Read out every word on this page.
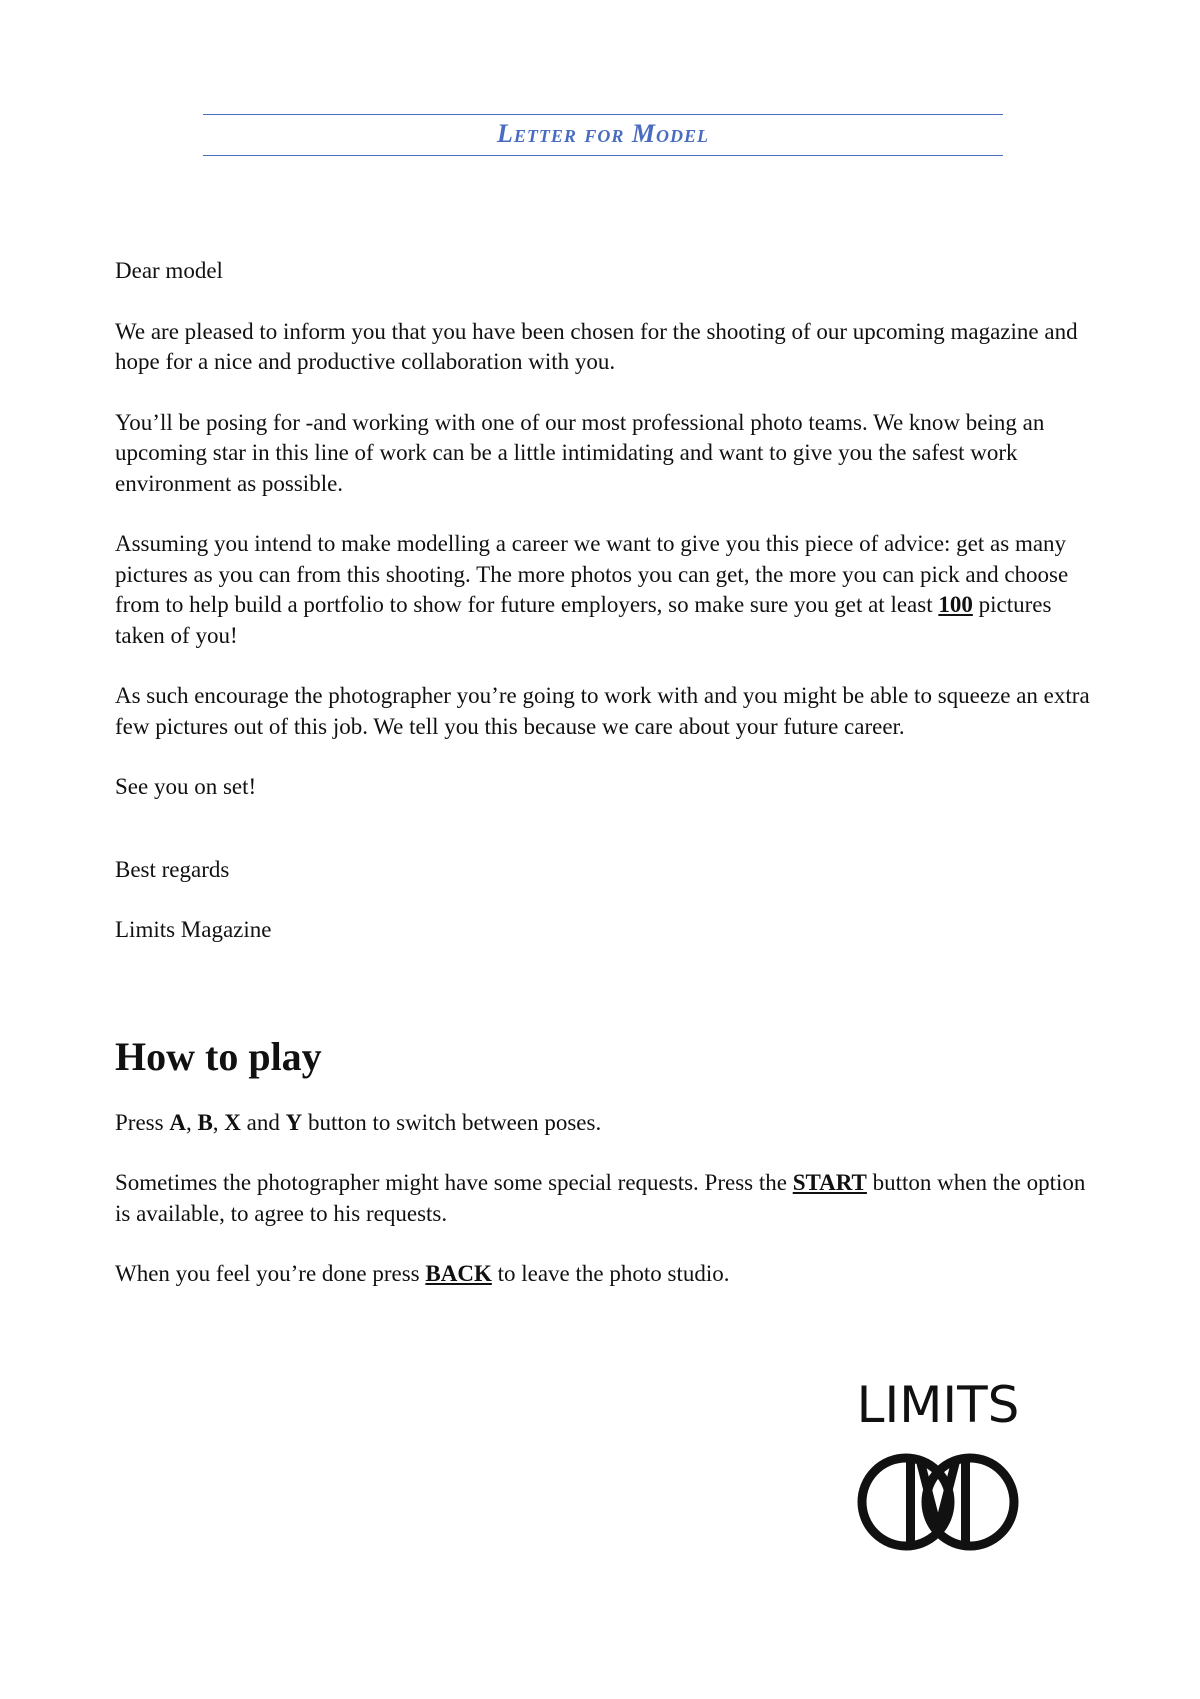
Letter for Model

Dear model

We are pleased to inform you that you have been chosen for the shooting of our upcoming magazine and hope for a nice and productive collaboration with you.

You’ll be posing for -and working with one of our most professional photo teams. We know being an upcoming star in this line of work can be a little intimidating and want to give you the safest work environment as possible.

Assuming you intend to make modelling a career we want to give you this piece of advice: get as many pictures as you can from this shooting. The more photos you can get, the more you can pick and choose from to help build a portfolio to show for future employers, so make sure you get at least 100 pictures taken of you!

As such encourage the photographer you’re going to work with and you might be able to squeeze an extra few pictures out of this job. We tell you this because we care about your future career.

See you on set!

Best regards

Limits Magazine

How to play

Press A, B, X and Y button to switch between poses.

Sometimes the photographer might have some special requests. Press the START button when the option is available, to agree to his requests.

When you feel you’re done press BACK to leave the photo studio.

LIMITS
